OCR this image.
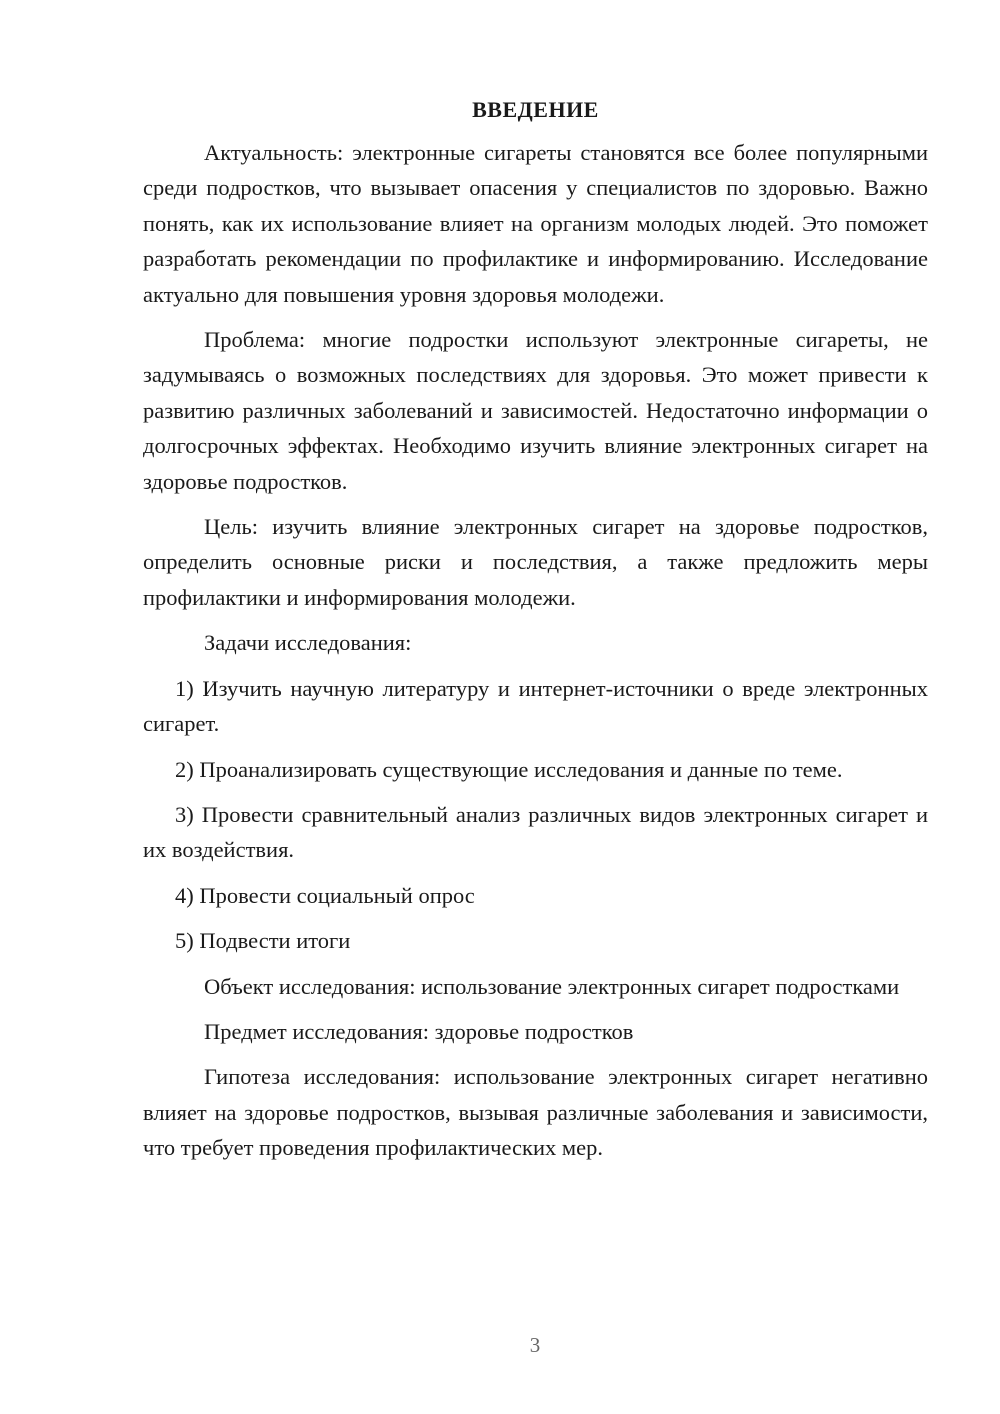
ВВЕДЕНИЕ
Актуальность: электронные сигареты становятся все более популярными среди подростков, что вызывает опасения у специалистов по здоровью. Важно понять, как их использование влияет на организм молодых людей. Это поможет разработать рекомендации по профилактике и информированию. Исследование актуально для повышения уровня здоровья молодежи.
Проблема: многие подростки используют электронные сигареты, не задумываясь о возможных последствиях для здоровья. Это может привести к развитию различных заболеваний и зависимостей. Недостаточно информации о долгосрочных эффектах. Необходимо изучить влияние электронных сигарет на здоровье подростков.
Цель: изучить влияние электронных сигарет на здоровье подростков, определить основные риски и последствия, а также предложить меры профилактики и информирования молодежи.
Задачи исследования:
1) Изучить научную литературу и интернет-источники о вреде электронных сигарет.
2) Проанализировать существующие исследования и данные по теме.
3) Провести сравнительный анализ различных видов электронных сигарет и их воздействия.
4) Провести социальный опрос
5) Подвести итоги
Объект исследования: использование электронных сигарет подростками
Предмет исследования: здоровье подростков
Гипотеза исследования: использование электронных сигарет негативно влияет на здоровье подростков, вызывая различные заболевания и зависимости, что требует проведения профилактических мер.
3
